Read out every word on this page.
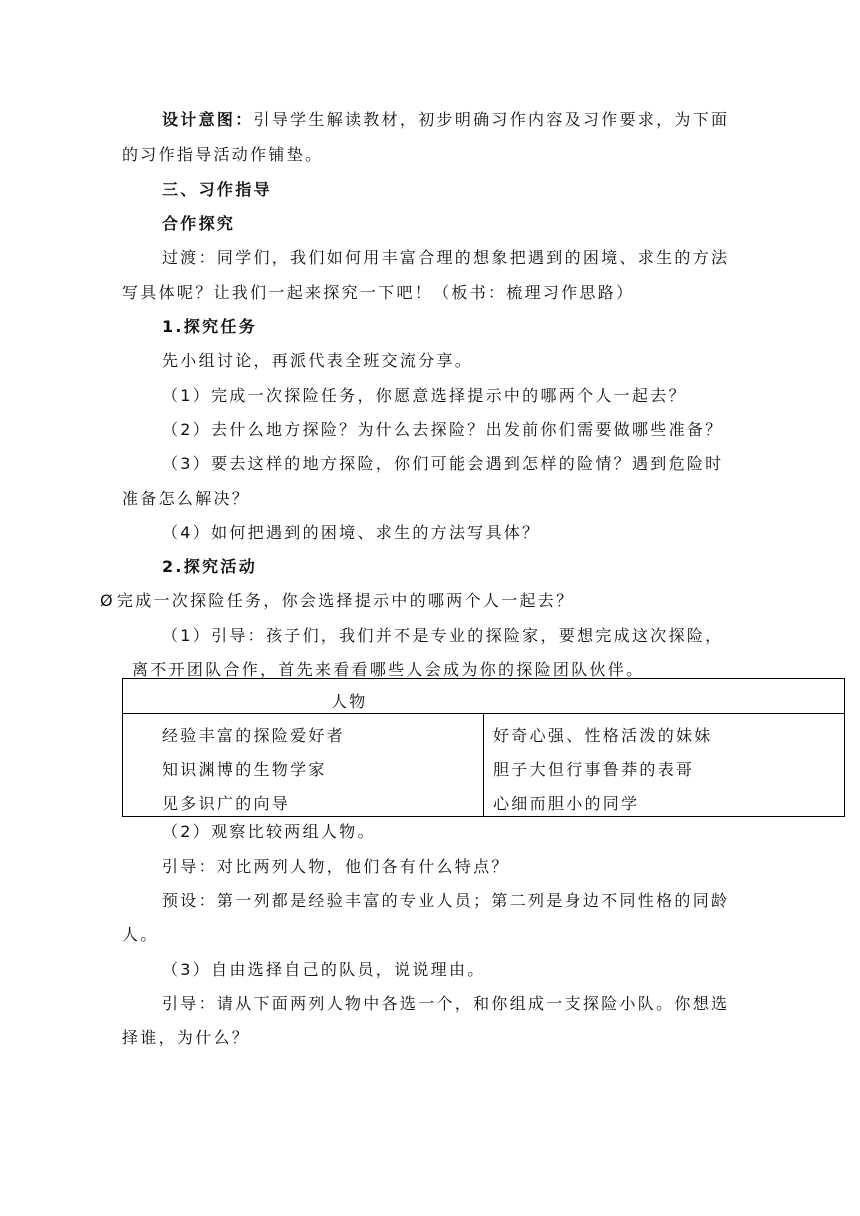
设计意图：引导学生解读教材，初步明确习作内容及习作要求，为下面
的习作指导活动作铺垫。
三、习作指导
合作探究
过渡：同学们，我们如何用丰富合理的想象把遇到的困境、求生的方法
写具体呢？让我们一起来探究一下吧！（板书：梳理习作思路）
1.探究任务
先小组讨论，再派代表全班交流分享。
（1）完成一次探险任务，你愿意选择提示中的哪两个人一起去？
（2）去什么地方探险？为什么去探险？出发前你们需要做哪些准备？
（3）要去这样的地方探险，你们可能会遇到怎样的险情？遇到危险时
准备怎么解决？
（4）如何把遇到的困境、求生的方法写具体？
2.探究活动
Ø 完成一次探险任务，你会选择提示中的哪两个人一起去？
（1）引导：孩子们，我们并不是专业的探险家，要想完成这次探险，
离不开团队合作，首先来看看哪些人会成为你的探险团队伙伴。
人物

经验丰富的探险爱好者
知识渊博的生物学家
见多识广的向导

好奇心强、性格活泼的妹妹
胆子大但行事鲁莽的表哥
心细而胆小的同学
（2）观察比较两组人物。
引导：对比两列人物，他们各有什么特点？
预设：第一列都是经验丰富的专业人员；第二列是身边不同性格的同龄
人。
（3）自由选择自己的队员，说说理由。
引导：请从下面两列人物中各选一个，和你组成一支探险小队。你想选
择谁，为什么？
